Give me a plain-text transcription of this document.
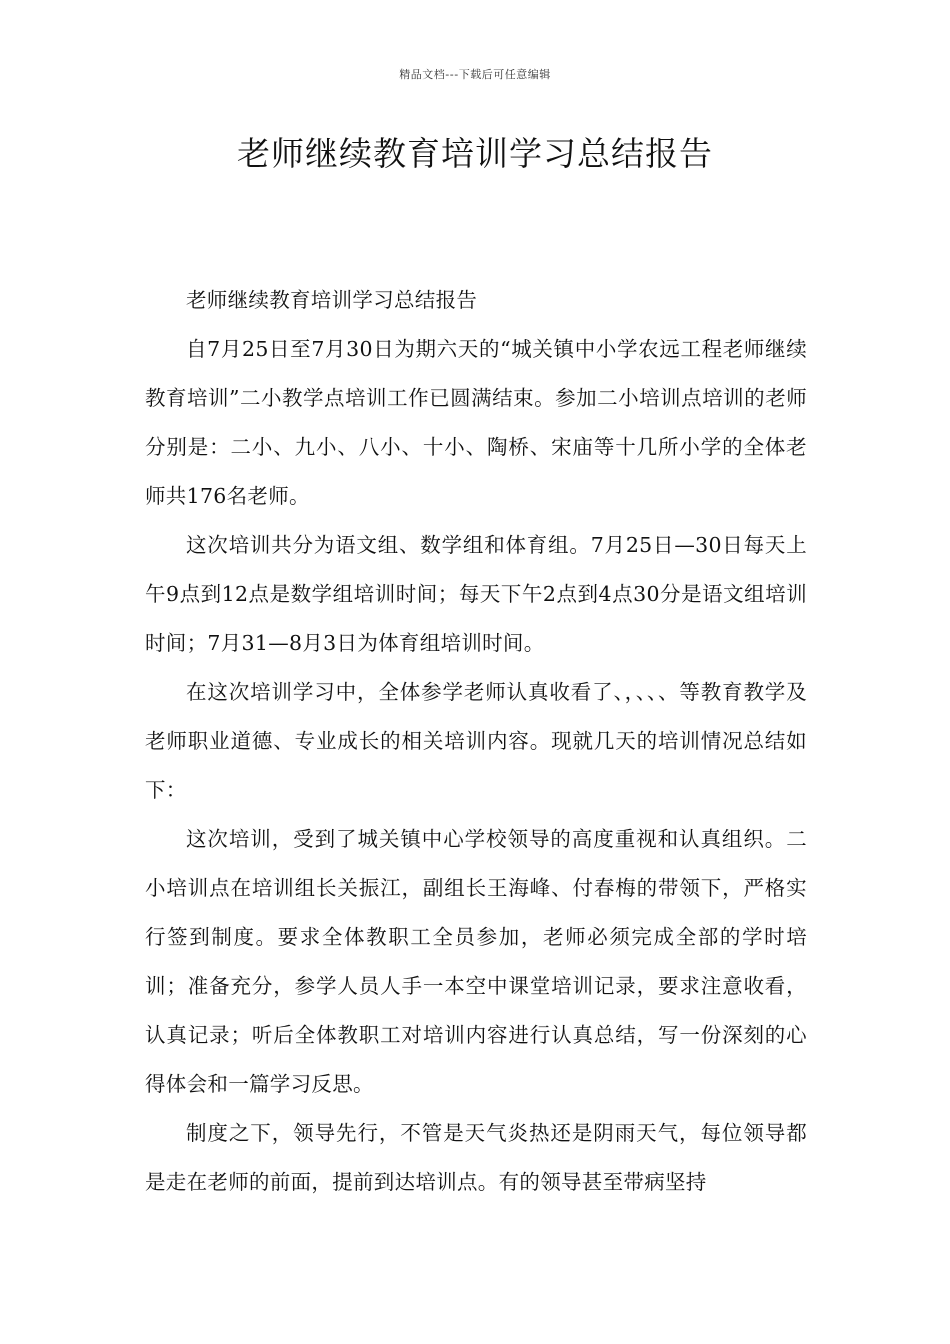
精品文档---下载后可任意编辑
老师继续教育培训学习总结报告

老师继续教育培训学习总结报告

自7月25日至7月30日为期六天的“城关镇中小学农远工程老师继续教育培训”二小教学点培训工作已圆满结束。参加二小培训点培训的老师分别是：二小、九小、八小、十小、陶桥、宋庙等十几所小学的全体老师共176名老师。

这次培训共分为语文组、数学组和体育组。7月25日—30日每天上午9点到12点是数学组培训时间；每天下午2点到4点30分是语文组培训时间；7月31—8月3日为体育组培训时间。

在这次培训学习中，全体参学老师认真收看了、，、、、等教育教学及老师职业道德、专业成长的相关培训内容。现就几天的培训情况总结如下：

这次培训，受到了城关镇中心学校领导的高度重视和认真组织。二小培训点在培训组长关振江，副组长王海峰、付春梅的带领下，严格实行签到制度。要求全体教职工全员参加，老师必须完成全部的学时培训；准备充分，参学人员人手一本空中课堂培训记录，要求注意收看，认真记录；听后全体教职工对培训内容进行认真总结，写一份深刻的心得体会和一篇学习反思。

制度之下，领导先行，不管是天气炎热还是阴雨天气，每位领导都是走在老师的前面，提前到达培训点。有的领导甚至带病坚持
